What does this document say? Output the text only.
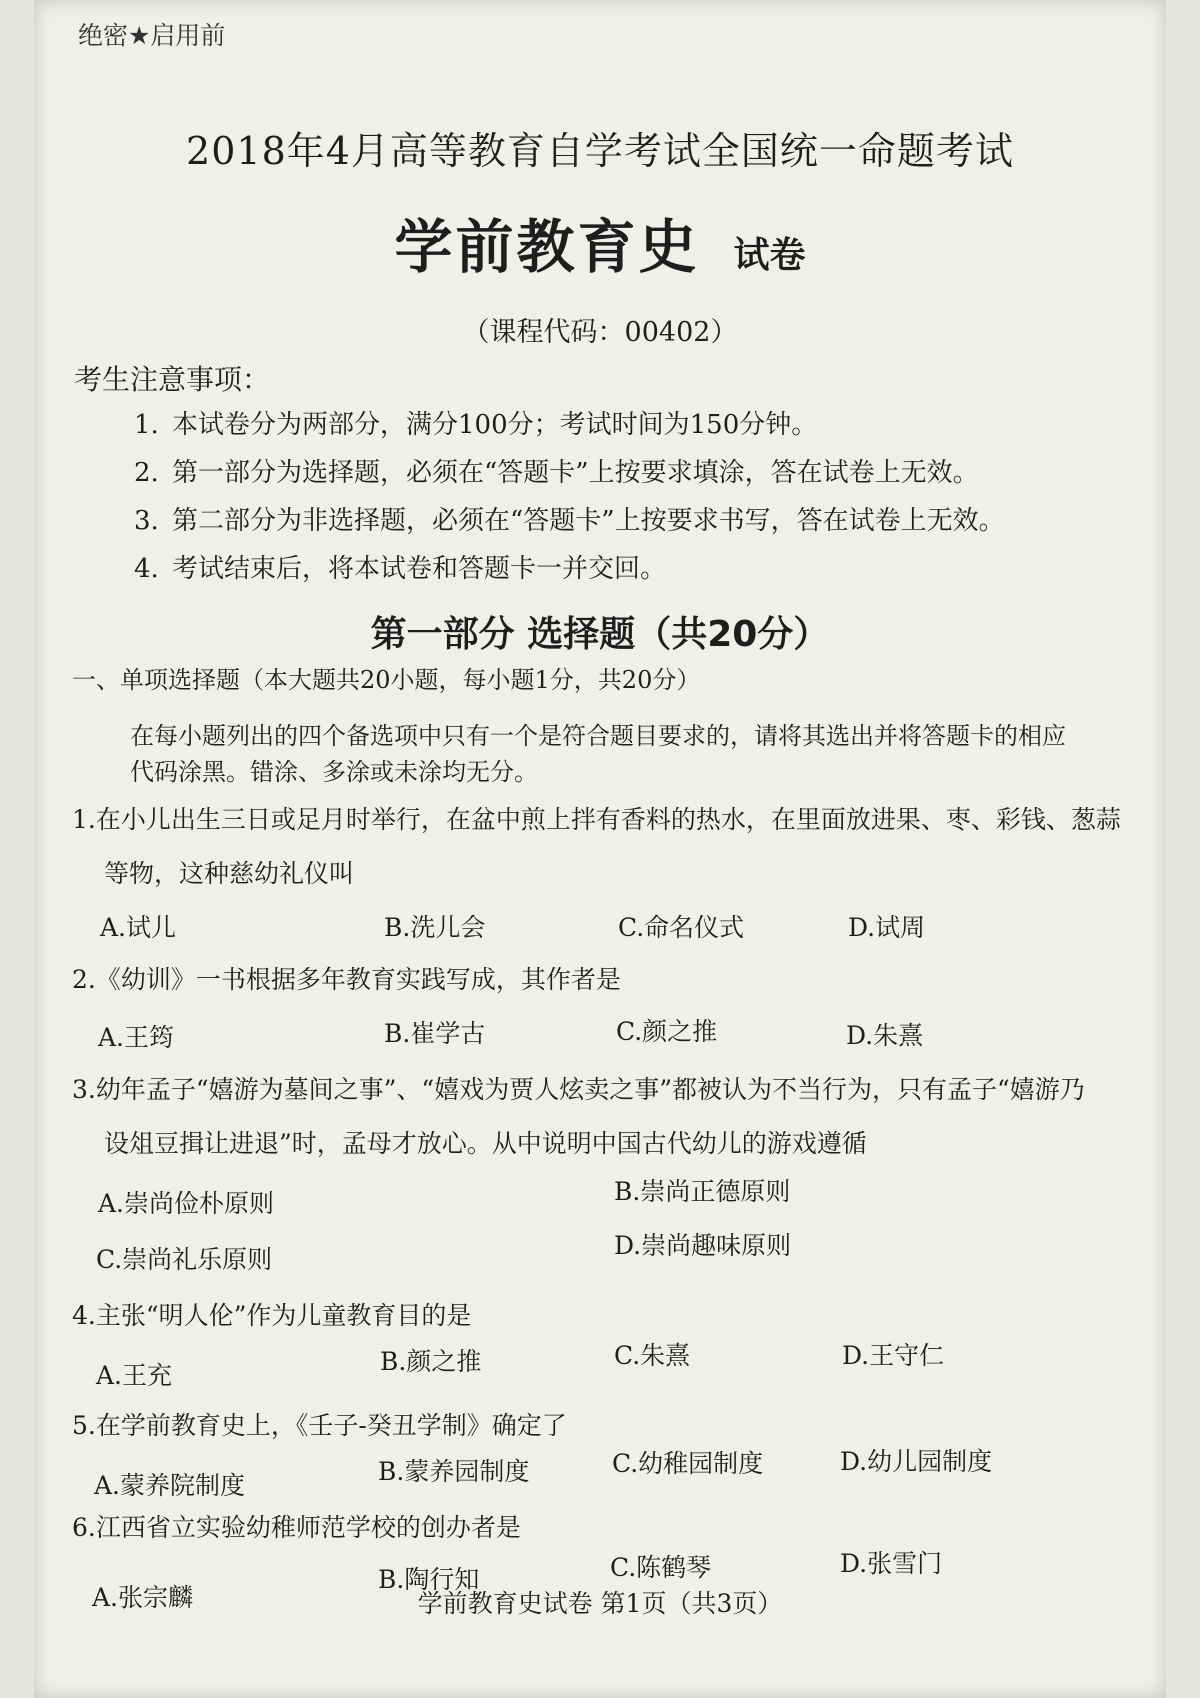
绝密★启用前
2018年4月高等教育自学考试全国统一命题考试
学前教育史 试卷
（课程代码：00402）
考生注意事项：
1. 本试卷分为两部分，满分100分；考试时间为150分钟。
2. 第一部分为选择题，必须在“答题卡”上按要求填涂，答在试卷上无效。
3. 第二部分为非选择题，必须在“答题卡”上按要求书写，答在试卷上无效。
4. 考试结束后，将本试卷和答题卡一并交回。
第一部分 选择题（共20分）
一、单项选择题（本大题共20小题，每小题1分，共20分）
在每小题列出的四个备选项中只有一个是符合题目要求的，请将其选出并将答题卡的相应
代码涂黑。错涂、多涂或未涂均无分。
1.在小儿出生三日或足月时举行，在盆中煎上拌有香料的热水，在里面放进果、枣、彩钱、葱蒜
等物，这种慈幼礼仪叫
A.试儿	B.洗儿会	C.命名仪式	D.试周
2.《幼训》一书根据多年教育实践写成，其作者是
A.王筠	B.崔学古	C.颜之推	D.朱熹
3.幼年孟子“嬉游为墓间之事”、“嬉戏为贾人炫卖之事”都被认为不当行为，只有孟子“嬉游乃
设俎豆揖让进退”时，孟母才放心。从中说明中国古代幼儿的游戏遵循
A.崇尚俭朴原则	B.崇尚正德原则
C.崇尚礼乐原则	D.崇尚趣味原则
4.主张“明人伦”作为儿童教育目的是
A.王充	B.颜之推	C.朱熹	D.王守仁
5.在学前教育史上，《壬子-癸丑学制》确定了
A.蒙养院制度	B.蒙养园制度	C.幼稚园制度	D.幼儿园制度
6.江西省立实验幼稚师范学校的创办者是
A.张宗麟
B.陶行知	C.陈鹤琴	D.张雪门
学前教育史试卷 第1页（共3页）
